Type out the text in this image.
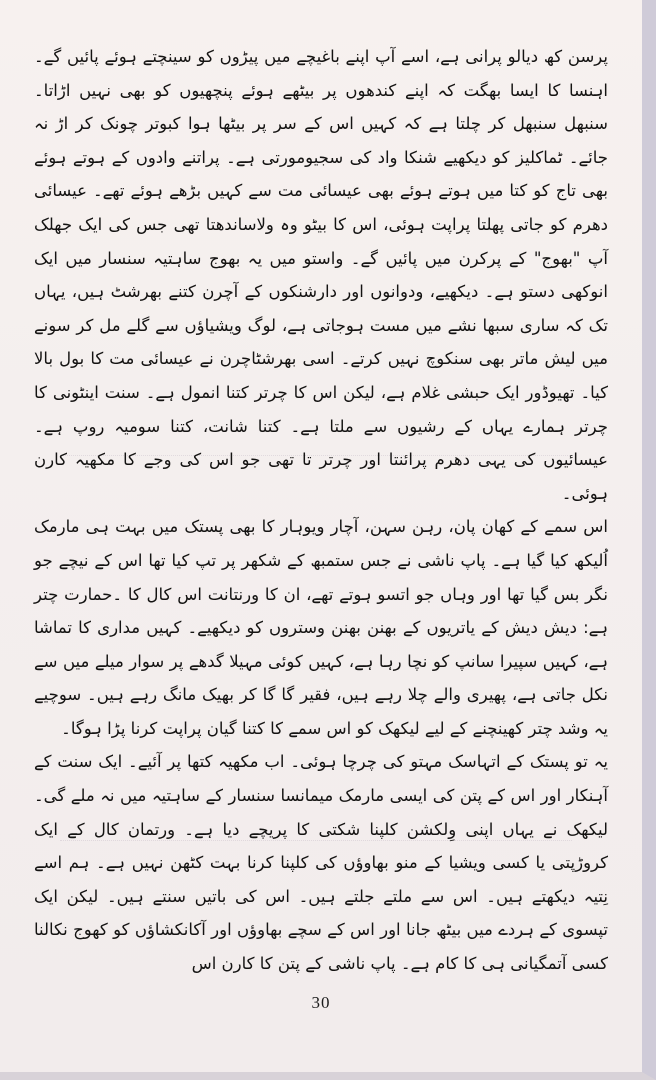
پرسن کھ دیالو پرانی ہے، اسے آپ اپنے باغیچے میں پیڑوں کو سینچتے ہوئے پائیں گے۔ اہنسا کا ایسا بھگت کہ اپنے کندھوں پر بیٹھے ہوئے پنچھیوں کو بھی نہیں اڑاتا۔ سنبھل سنبھل کر چلتا ہے کہ کہیں اس کے سر پر بیٹھا ہوا کبوتر چونک کر اڑ نہ جائے۔ ٹماکلیز کو دیکھیے شنکا واد کی سجیومورتی ہے۔ پراتنے وادوں کے ہوتے ہوئے بھی تاج کو کتا میں ہوتے ہوئے بھی عیسائی مت سے کہیں بڑھے ہوئے تھے۔ عیسائی دھرم کو جاتی پھلتا پراپت ہوئی، اس کا بیٹو وہ ولاساندھتا تھی جس کی ایک جھلک آپ "بھوج" کے پرکرن میں پائیں گے۔ واستو میں یہ بھوج ساہتیہ سنسار میں ایک انوکھی دستو ہے۔ دیکھیے، ودوانوں اور دارشنکوں کے آچرن کتنے بھرشٹ ہیں، یہاں تک کہ ساری سبھا نشے میں مست ہوجاتی ہے، لوگ ویشیاؤں سے گلے مل کر سونے میں لیش ماتر بھی سنکوچ نہیں کرتے۔ اسی بھرشٹاچرن نے عیسائی مت کا بول بالا کیا۔ تھیوڈور ایک حبشی غلام ہے، لیکن اس کا چرتر کتنا انمول ہے۔ سنت اینٹونی کا چرتر ہمارے یہاں کے رشیوں سے ملتا ہے۔ کتنا شانت، کتنا سومیہ روپ ہے۔ عیسائیوں کی یہی دھرم پرائنتا اور چرتر تا تھی جو اس کی وجے کا مکھیہ کارن ہوئی۔

اس سمے کے کھان پان، رہن سہن، آچار ویوہار کا بھی پستک میں بہت ہی مارمک اُلیکھ کیا گیا ہے۔ پاپ ناشی نے جس ستمبھ کے شکھر پر تپ کیا تھا اس کے نیچے جو نگر بس گیا تھا اور وہاں جو اتسو ہوتے تھے، ان کا ورنتانت اس کال کا ۔حمارت چتر ہے: دیش دیش کے یاتریوں کے بھنن بھنن وستروں کو دیکھیے۔ کہیں مداری کا تماشا ہے، کہیں سپیرا سانپ کو نچا رہا ہے، کہیں کوئی مہیلا گدھے پر سوار میلے میں سے نکل جاتی ہے، پھیری والے چلا رہے ہیں، فقیر گا گا کر بھیک مانگ رہے ہیں۔ سوچیے یہ وشد چتر کھینچنے کے لیے لیکھک کو اس سمے کا کتنا گیان پراپت کرنا پڑا ہوگا۔

یہ تو پستک کے اتہاسک مہتو کی چرچا ہوئی۔ اب مکھیہ کتھا پر آئیے۔ ایک سنت کے آہنکار اور اس کے پتن کی ایسی مارمک میمانسا سنسار کے ساہتیہ میں نہ ملے گی۔ لیکھک نے یہاں اپنی وِلکشن کلپنا شکتی کا پریچے دیا ہے۔ ورتمان کال کے ایک کروڑپتی یا کسی ویشیا کے منو بھاوؤں کی کلپنا کرنا بہت کٹھن نہیں ہے۔ ہم اسے نِتیہ دیکھتے ہیں۔ اس سے ملتے جلتے ہیں۔ اس کی باتیں سنتے ہیں۔ لیکن ایک تپسوی کے ہردے میں بیٹھ جانا اور اس کے سچے بھاوؤں اور آکانکشاؤں کو کھوج نکالنا کسی آتمگیانی ہی کا کام ہے۔ پاپ ناشی کے پتن کا کارن اس

30
